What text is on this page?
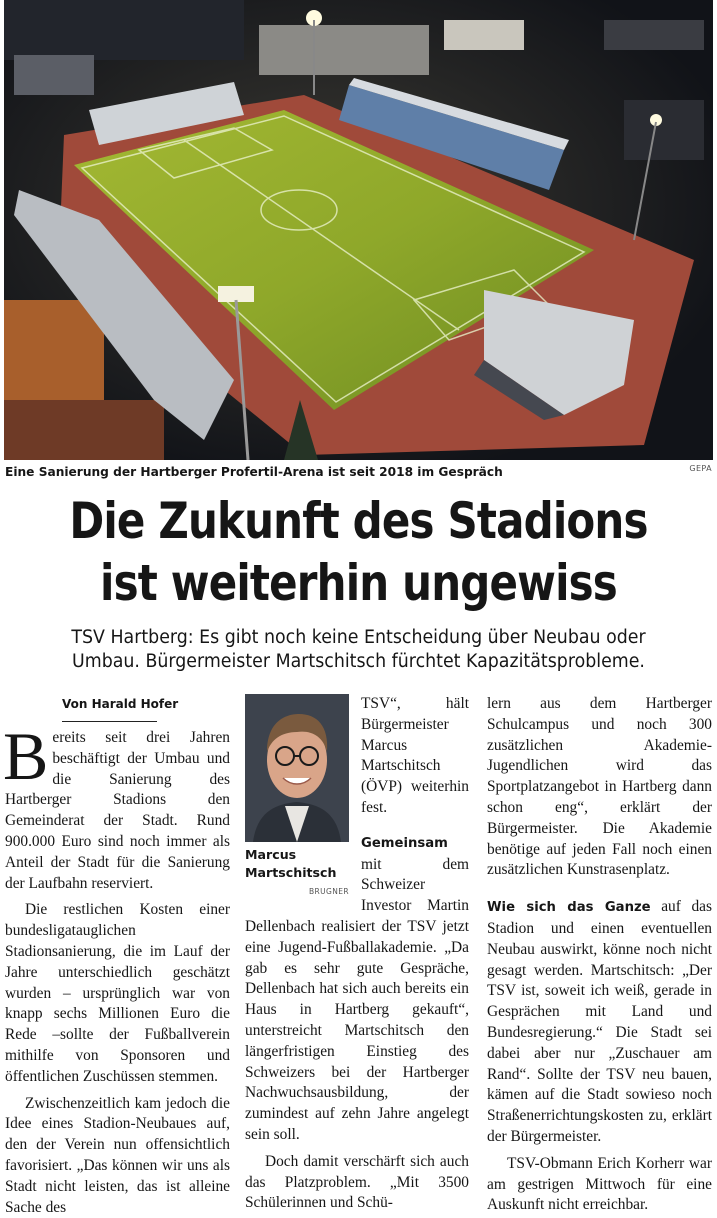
Eine Sanierung der Hartberger Profertil-Arena ist seit 2018 im Gespräch	GEPA
Die Zukunft des Stadions
ist weiterhin ungewiss

TSV Hartberg: Es gibt noch keine Entscheidung über Neubau oder
Umbau. Bürgermeister Martschitsch fürchtet Kapazitätsprobleme.

Von Harald Hofer

Bereits seit drei Jahren beschäftigt der Umbau und die Sanierung des Hartberger Stadions den Gemeinderat der Stadt. Rund 900.000 Euro sind noch immer als Anteil der Stadt für die Sanierung der Laufbahn reserviert.

Die restlichen Kosten einer bundesligatauglichen Stadionsanierung, die im Lauf der Jahre unterschiedlich geschätzt wurden – ursprünglich war von knapp sechs Millionen Euro die Rede –sollte der Fußballverein mithilfe von Sponsoren und öffentlichen Zuschüssen stemmen.

Zwischenzeitlich kam jedoch die Idee eines Stadion-Neubaues auf, den der Verein nun offensichtlich favorisiert. „Das können wir uns als Stadt nicht leisten, das ist alleine Sache des

Marcus Martschitsch
BRUGNER

TSV“, hält Bürgermeister Marcus Martschitsch (ÖVP) weiterhin fest.

Gemeinsam mit dem Schweizer Investor Martin Dellenbach realisiert der TSV jetzt eine Jugend-Fußballakademie. „Da gab es sehr gute Gespräche, Dellenbach hat sich auch bereits ein Haus in Hartberg gekauft“, unterstreicht Martschitsch den längerfristigen Einstieg des Schweizers bei der Hartberger Nachwuchsausbildung, der zumindest auf zehn Jahre angelegt sein soll.

Doch damit verschärft sich auch das Platzproblem. „Mit 3500 Schülerinnen und Schü-

lern aus dem Hartberger Schulcampus und noch 300 zusätzlichen Akademie-Jugendlichen wird das Sportplatzangebot in Hartberg dann schon eng“, erklärt der Bürgermeister. Die Akademie benötige auf jeden Fall noch einen zusätzlichen Kunstrasenplatz.

Wie sich das Ganze auf das Stadion und einen eventuellen Neubau auswirkt, könne noch nicht gesagt werden. Martschitsch: „Der TSV ist, soweit ich weiß, gerade in Gesprächen mit Land und Bundesregierung.“ Die Stadt sei dabei aber nur „Zuschauer am Rand“. Sollte der TSV neu bauen, kämen auf die Stadt sowieso noch Straßenerrichtungskosten zu, erklärt der Bürgermeister.

TSV-Obmann Erich Korherr war am gestrigen Mittwoch für eine Auskunft nicht erreichbar.
